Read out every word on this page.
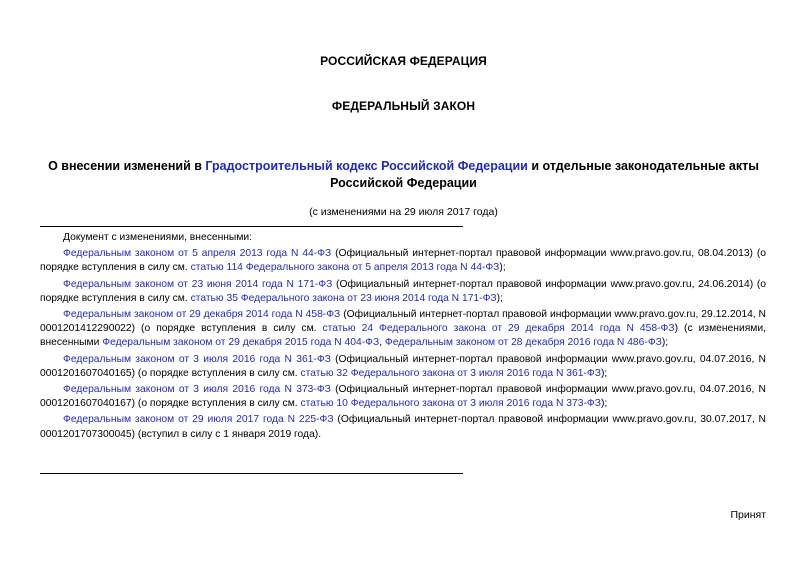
РОССИЙСКАЯ ФЕДЕРАЦИЯ
ФЕДЕРАЛЬНЫЙ ЗАКОН
О внесении изменений в Градостроительный кодекс Российской Федерации и отдельные законодательные акты Российской Федерации
(с изменениями на 29 июля 2017 года)

Документ с изменениями, внесенными:

Федеральным законом от 5 апреля 2013 года N 44-ФЗ (Официальный интернет-портал правовой информации www.pravo.gov.ru, 08.04.2013) (о порядке вступления в силу см. статью 114 Федерального закона от 5 апреля 2013 года N 44-ФЗ);

Федеральным законом от 23 июня 2014 года N 171-ФЗ (Официальный интернет-портал правовой информации www.pravo.gov.ru, 24.06.2014) (о порядке вступления в силу см. статью 35 Федерального закона от 23 июня 2014 года N 171-ФЗ);

Федеральным законом от 29 декабря 2014 года N 458-ФЗ (Официальный интернет-портал правовой информации www.pravo.gov.ru, 29.12.2014, N 0001201412290022) (о порядке вступления в силу см. статью 24 Федерального закона от 29 декабря 2014 года N 458-ФЗ) (с изменениями, внесенными Федеральным законом от 29 декабря 2015 года N 404-ФЗ, Федеральным законом от 28 декабря 2016 года N 486-ФЗ);

Федеральным законом от 3 июля 2016 года N 361-ФЗ (Официальный интернет-портал правовой информации www.pravo.gov.ru, 04.07.2016, N 0001201607040165) (о порядке вступления в силу см. статью 32 Федерального закона от 3 июля 2016 года N 361-ФЗ);

Федеральным законом от 3 июля 2016 года N 373-ФЗ (Официальный интернет-портал правовой информации www.pravo.gov.ru, 04.07.2016, N 0001201607040167) (о порядке вступления в силу см. статью 10 Федерального закона от 3 июля 2016 года N 373-ФЗ);

Федеральным законом от 29 июля 2017 года N 225-ФЗ (Официальный интернет-портал правовой информации www.pravo.gov.ru, 30.07.2017, N 0001201707300045) (вступил в силу с 1 января 2019 года).

Принят
